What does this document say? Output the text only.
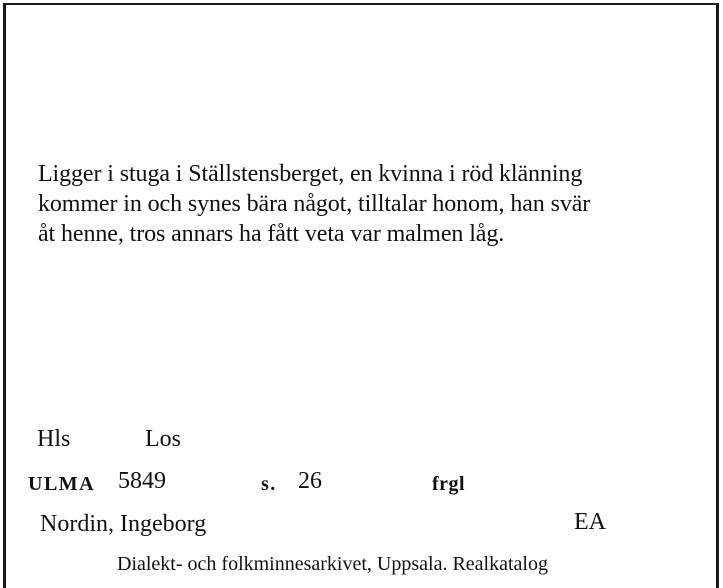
Ligger i stuga i Ställstensberget, en kvinna i röd klänning
kommer in och synes bära något, tilltalar honom, han svär
åt henne, tros annars ha fått veta var malmen låg.

Hls	Los
ULMA 5849	s. 26	frgl
Nordin, Ingeborg	EA
Dialekt- och folkminnesarkivet, Uppsala. Realkatalog
